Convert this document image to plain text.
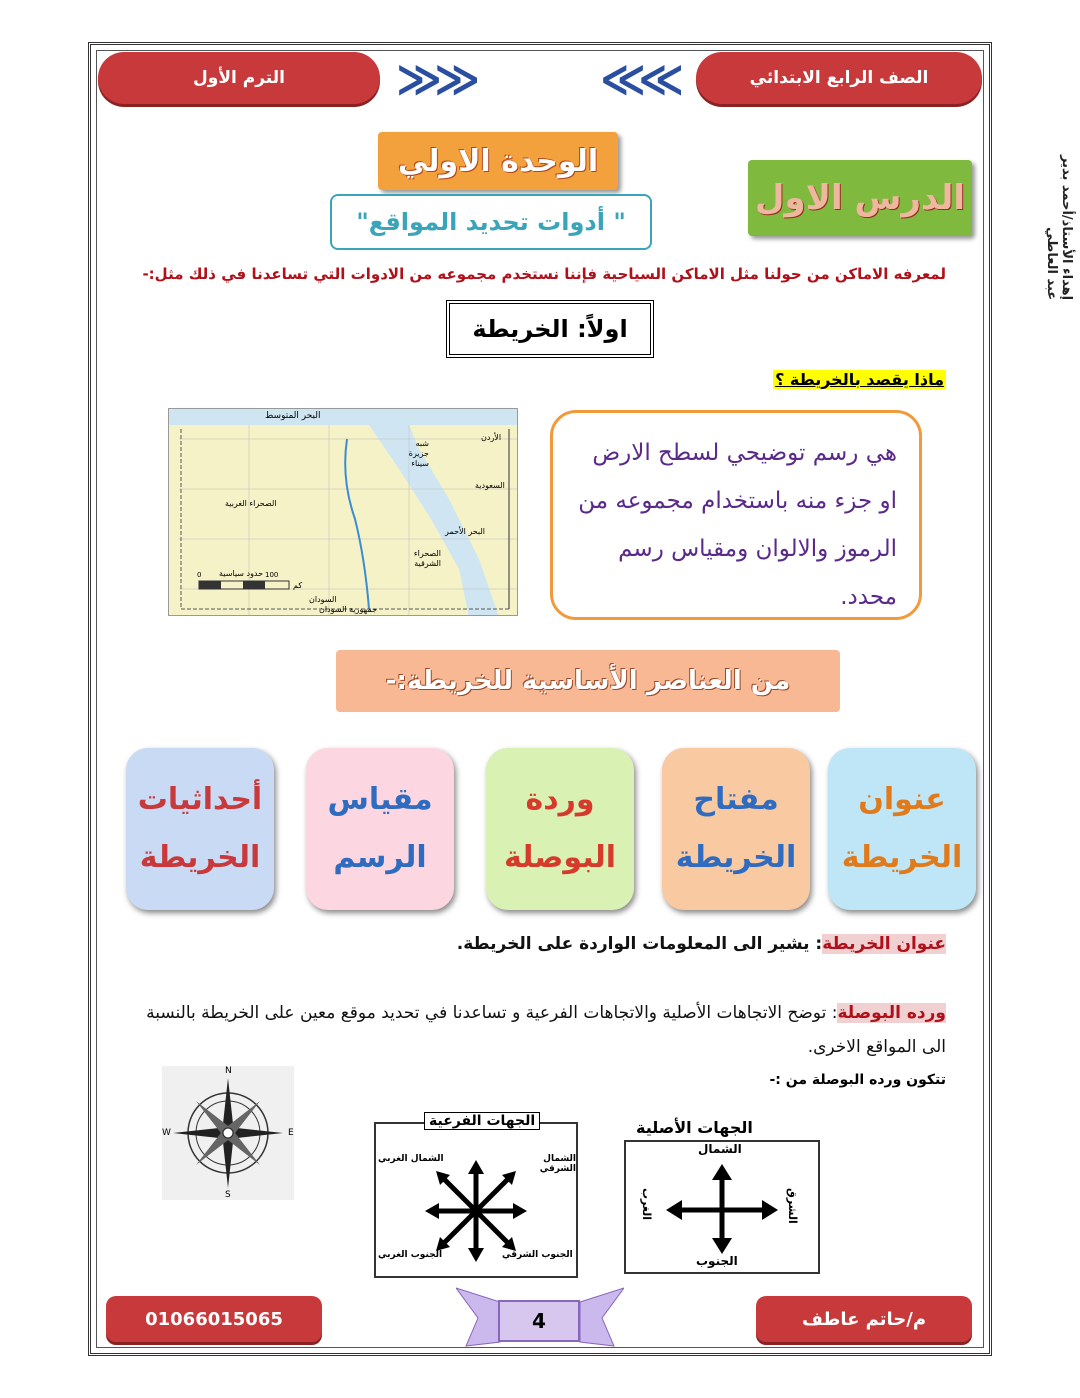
إهداء الأستاذ/أحمد بدير عبد العاطي
الصف الرابع الابتدائي
الترم الأول	≫≫	≪≪
الوحدة الاولي
الدرس الاول
" أدوات تحديد المواقع"
لمعرفه الاماكن من حولنا مثل الاماكن السياحية فإننا نستخدم مجموعه من الادوات التي تساعدنا في ذلك مثل:-
اولاً: الخريطة
ماذا يقصد بالخريطة ؟
البحر المتوسط
الأردن
شبه جزيرة سيناء
السعودية
الصحراء الغربية
البحر الأحمر
الصحراء الشرقية
جمهورية السودان
السودان
حدود سياسية
كم
0	100
هي رسم توضيحي لسطح الارض او جزء منه باستخدام مجموعه من الرموز والالوان ومقياس رسم محدد.
من العناصر الأساسية للخريطة:-
عنوان
الخريطة
مفتاح
الخريطة
وردة
البوصلة
مقياس
الرسم
أحداثيات
الخريطة
عنوان الخريطة: يشير الى المعلومات الواردة على الخريطة.
ورده البوصلة: توضح الاتجاهات الأصلية والاتجاهات الفرعية و تساعدنا في تحديد موقع معين على الخريطة بالنسبة الى المواقع الاخرى.
تتكون ورده البوصلة من :-
N
S
E
W
الجهات الفرعية
الشمال الغربي	الشمال الشرقي
الجنوب الغربي	الجنوب الشرقي
الجهات الأصلية
الشمال
الجنوب
الشرق
الغرب
م/حاتم عاطف
01066015065	4
